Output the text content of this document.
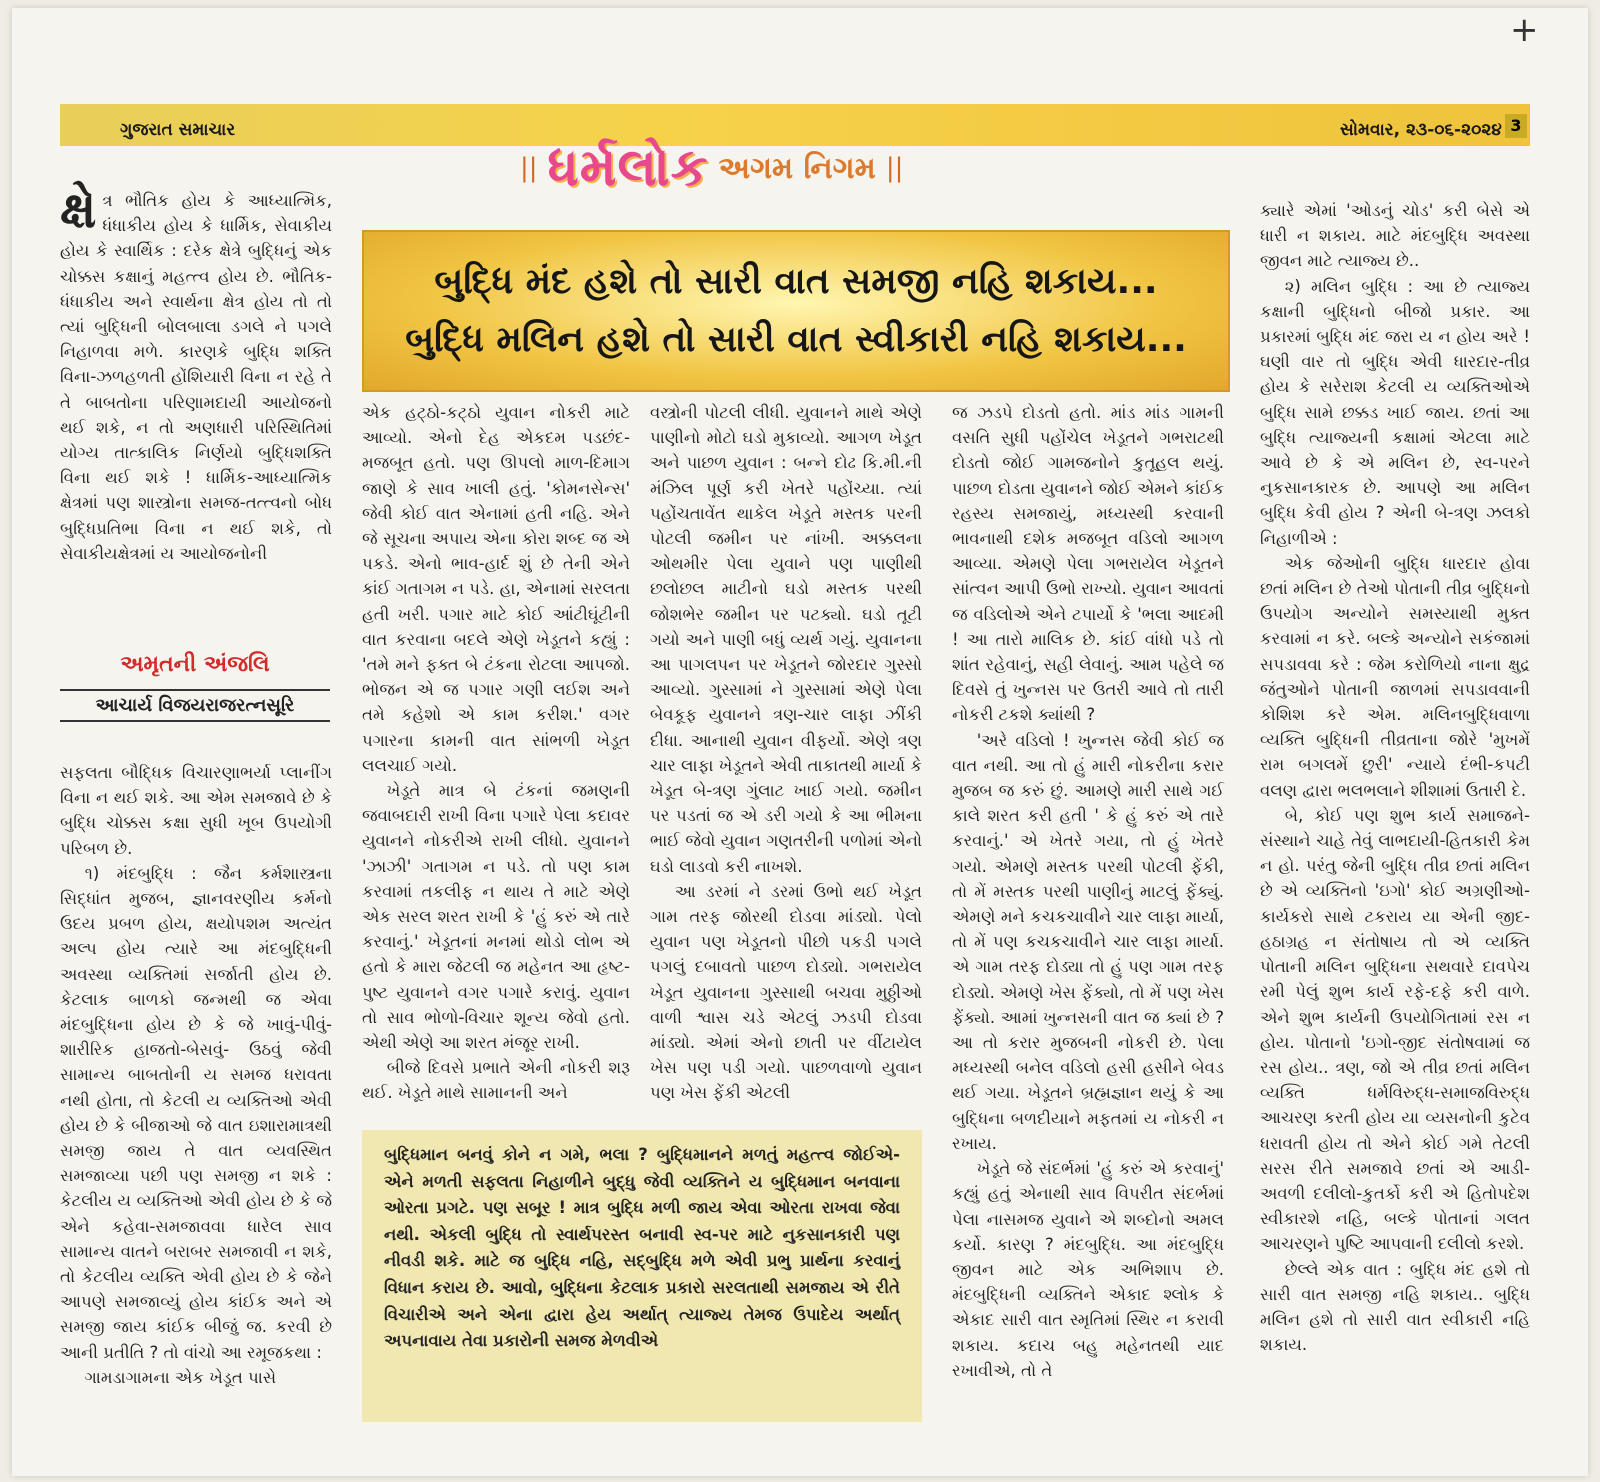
+
ગુજરાત સમાચાર	સોમવાર, ૨૩-૦૬-૨૦૨૪ 3
|| ધર્મલોક અગમ નિગમ ||
બુદ્ધિ મંદ હશે તો સારી વાત સમજી નહિ શકાય...
બુદ્ધિ મલિન હશે તો સારી વાત સ્વીકારી નહિ શકાય...

ક્ષે ત્ર ભૌતિક હોય કે આધ્યાત્મિક, ધંધાકીય હોય કે ધાર્મિક, સેવાકીય હોય કે સ્વાર્થિક : દરેક ક્ષેત્રે બુદ્ધિનું એક ચોક્કસ કક્ષાનું મહત્ત્વ હોય છે. ભૌતિક-ધંધાકીય અને સ્વાર્થના ક્ષેત્ર હોય તો તો ત્યાં બુદ્ધિની બોલબાલા ડગલે ને પગલે નિહાળવા મળે. કારણકે બુદ્ધિ શક્તિ વિના-ઝળહળતી હોંશિયારી વિના ન રહે તે તે બાબતોના પરિણામદાયી આયોજનો થઈ શકે, ન તો અણધારી પરિસ્થિતિમાં યોગ્ય તાત્કાલિક નિર્ણયો બુદ્ધિશક્તિ વિના થઈ શકે ! ધાર્મિક-આધ્યાત્મિક ક્ષેત્રમાં પણ શાસ્ત્રોના સમજ-તત્ત્વનો બોધ બુદ્ધિપ્રતિભા વિના ન થઈ શકે, તો સેવાકીયક્ષેત્રમાં ય આયોજનોની

અમૃતની અંજલિ
આચાર્ય વિજયરાજરત્નસૂરિ

સફલતા બૌદ્ધિક વિચારણાભર્યા પ્લાનીંગ વિના ન થઈ શકે. આ એમ સમજાવે છે કે બુદ્ધિ ચોક્કસ કક્ષા સુધી ખૂબ ઉપયોગી પરિબળ છે.

૧) મંદબુદ્ધિ : જૈન કર્મશાસ્ત્રના સિદ્ધાંત મુજબ, જ્ઞાનવરણીય કર્મનો ઉદય પ્રબળ હોય, ક્ષયોપશમ અત્યંત અલ્પ હોય ત્યારે આ મંદબુદ્ધિની અવસ્થા વ્યક્તિમાં સર્જાતી હોય છે. કેટલાક બાળકો જન્મથી જ એવા મંદબુદ્ધિના હોય છે કે જે ખાવું-પીવું-શારીરિક હાજતો-બેસવું- ઉઠવું જેવી સામાન્ય બાબતોની ય સમજ ધરાવતા નથી હોતા, તો કેટલી ય વ્યક્તિઓ એવી હોય છે કે બીજાઓ જે વાત ઇશારામાત્રથી સમજી જાય તે વાત વ્યવસ્થિત સમજાવ્યા પછી પણ સમજી ન શકે : કેટલીય ય વ્યક્તિઓ એવી હોય છે કે જે એને કહેવા-સમજાવવા ધારેલ સાવ સામાન્ય વાતને બરાબર સમજાવી ન શકે, તો કેટલીય વ્યક્તિ એવી હોય છે કે જેને આપણે સમજાવ્યું હોય કાંઈક અને એ સમજી જાય કાંઈક બીજું જ. કરવી છે આની પ્રતીતિ ? તો વાંચો આ રમૂજકથા :

ગામડાગામના એક ખેડૂત પાસે

એક હટ્ઠો-કટ્ઠો યુવાન નોકરી માટે આવ્યો. એનો દેહ એકદમ પડછંદ-મજબૂત હતો. પણ ઊપલો માળ-દિમાગ જાણે કે સાવ ખાલી હતું. 'કોમનસેન્સ' જેવી કોઈ વાત એનામાં હતી નહિ. એને જે સૂચના અપાય એના કોરા શબ્દ જ એ પકડે. એનો ભાવ-હાર્દ શું છે તેની એને કાંઈ ગતાગમ ન પડે. હા, એનામાં સરલતા હતી ખરી. પગાર માટે કોઈ આંટીઘૂંટીની વાત કરવાના બદલે એણે ખેડૂતને કહ્યું : 'તમે મને ફક્ત બે ટંકના રોટલા આપજો. ભોજન એ જ પગાર ગણી લઈશ અને તમે કહેશો એ કામ કરીશ.' વગર પગારના કામની વાત સાંભળી ખેડૂત લલચાઈ ગયો.

ખેડૂતે માત્ર બે ટંકનાં જમણની જવાબદારી રાખી વિના પગારે પેલા કદાવર યુવાનને નોકરીએ રાખી લીધો. યુવાનને 'ઝાઝી' ગતાગમ ન પડે. તો પણ કામ કરવામાં તકલીફ ન થાય તે માટે એણે એક સરલ શરત રાખી કે 'હું કરું એ તારે કરવાનું.' ખેડૂતનાં મનમાં થોડો લોભ એ હતો કે મારા જેટલી જ મહેનત આ હૃષ્ટ-પુષ્ટ યુવાનને વગર પગારે કરાવું. યુવાન તો સાવ ભોળો-વિચાર શૂન્ય જેવો હતો. એથી એણે આ શરત મંજૂર રાખી.

બીજે દિવસે પ્રભાતે એની નોકરી શરૂ થઈ. ખેડૂતે માથે સામાનની અને

વસ્ત્રોની પોટલી લીધી. યુવાનને માથે એણે પાણીનો મોટો ઘડો મુકાવ્યો. આગળ ખેડૂત અને પાછળ યુવાન : બન્ને દોઢ કિ.મી.ની મંઝિલ પૂર્ણ કરી ખેતરે પહોંચ્યા. ત્યાં પહોંચતાવેંત થાકેલ ખેડૂતે મસ્તક પરની પોટલી જમીન પર નાંખી. અક્કલના ઓથમીર પેલા યુવાને પણ પાણીથી છલોછલ માટીનો ઘડો મસ્તક પરથી જોશભેર જમીન પર પટક્યો. ઘડો તૂટી ગયો અને પાણી બધું વ્યર્થ ગયું. યુવાનના આ પાગલપન પર ખેડૂતને જોરદાર ગુસ્સો આવ્યો. ગુસ્સામાં ને ગુસ્સામાં એણે પેલા બેવકૂફ યુવાનને ત્રણ-ચાર લાફા ઝીંકી દીધા. આનાથી યુવાન વીફર્યો. એણે ત્રણ ચાર લાફા ખેડૂતને એવી તાકાતથી માર્યા કે ખેડૂત બે-ત્રણ ગુંલાટ ખાઈ ગયો. જમીન પર પડતાં જ એ ડરી ગયો કે આ ભીમના ભાઈ જેવો યુવાન ગણતરીની પળોમાં એનો ઘડો લાડવો કરી નાખશે.

આ ડરમાં ને ડરમાં ઉભો થઈ ખેડૂત ગામ તરફ જોરથી દોડવા માંડ્યો. પેલો યુવાન પણ ખેડૂતનો પીછો પકડી પગલે પગલું દબાવતો પાછળ દોડ્યો. ગભરાયેલ ખેડૂત યુવાનના ગુસ્સાથી બચવા મુઠ્ઠીઓ વાળી શ્વાસ ચડે એટલું ઝડપી દોડવા માંડ્યો. એમાં એનો છાતી પર વીંટાયેલ ખેસ પણ પડી ગયો. પાછળવાળો યુવાન પણ ખેસ ફેંકી એટલી

જ ઝડપે દોડતો હતો. માંડ માંડ ગામની વસતિ સુધી પહોંચેલ ખેડૂતને ગભરાટથી દોડતો જોઈ ગામજનોને કુતૂહલ થયું. પાછળ દોડતા યુવાનને જોઈ એમને કાંઈક રહસ્ય સમજાયું, મધ્યસ્થી કરવાની ભાવનાથી દશેક મજબૂત વડિલો આગળ આવ્યા. એમણે પેલા ગભરાયેલ ખેડૂતને સાંત્વન આપી ઉભો રાખ્યો. યુવાન આવતાં જ વડિલોએ એને ટપાર્યો કે 'ભલા આદમી ! આ તારો માલિક છે. કાંઈ વાંધો પડે તો શાંત રહેવાનું, સહી લેવાનું. આમ પહેલે જ દિવસે તું ખુન્નસ પર ઉતરી આવે તો તારી નોકરી ટકશે ક્યાંથી ?

'અરે વડિલો ! ખુન્નસ જેવી કોઈ જ વાત નથી. આ તો હું મારી નોકરીના કરાર મુજબ જ કરું છું. આમણે મારી સાથે ગઈ કાલે શરત કરી હતી ' કે હું કરું એ તારે કરવાનું.' એ ખેતરે ગયા, તો હું ખેતરે ગયો. એમણે મસ્તક પરથી પોટલી ફેંકી, તો મેં મસ્તક પરથી પાણીનું માટલું ફેંક્યું. એમણે મને કચકચાવીને ચાર લાફા માર્યા, તો મેં પણ કચકચાવીને ચાર લાફા માર્યા. એ ગામ તરફ દોડ્યા તો હું પણ ગામ તરફ દોડ્યો. એમણે ખેસ ફેંક્યો, તો મેં પણ ખેસ ફેંક્યો. આમાં ખુન્નસની વાત જ ક્યાં છે ? આ તો કરાર મુજબની નોકરી છે. પેલા મધ્યસ્થી બનેલ વડિલો હસી હસીને બેવડ થઈ ગયા. ખેડૂતને બ્રહ્મજ્ઞાન થયું કે આ બુદ્ધિના બળદીયાને મફતમાં ય નોકરી ન રખાય.

ખેડૂતે જે સંદર્ભમાં 'હું કરું એ કરવાનું' કહ્યું હતું એનાથી સાવ વિપરીત સંદર્ભમાં પેલા નાસમજ યુવાને એ શબ્દોનો અમલ કર્યો. કારણ ? મંદબુદ્ધિ. આ મંદબુદ્ધિ જીવન માટે એક અભિશાપ છે. મંદબુદ્ધિની વ્યક્તિને એકાદ શ્લોક કે એકાદ સારી વાત સ્મૃતિમાં સ્થિર ન કરાવી શકાય. કદાચ બહુ મહેનતથી યાદ રખાવીએ, તો તે

ક્યારે એમાં 'ઓડનું ચોડ' કરી બેસે એ ધારી ન શકાય. માટે મંદબુદ્ધિ અવસ્થા જીવન માટે ત્યાજ્ય છે..

૨) મલિન બુદ્ધિ : આ છે ત્યાજ્ય કક્ષાની બુદ્ધિનો બીજો પ્રકાર. આ પ્રકારમાં બુદ્ધિ મંદ જરા ય ન હોય અરે ! ઘણી વાર તો બુદ્ધિ એવી ધારદાર-તીવ્ર હોય કે સરેરાશ કેટલી ય વ્યક્તિઓએ બુદ્ધિ સામે છક્કડ ખાઈ જાય. છતાં આ બુદ્ધિ ત્યાજ્યની કક્ષામાં એટલા માટે આવે છે કે એ મલિન છે, સ્વ-પરને નુકસાનકારક છે. આપણે આ મલિન બુદ્ધિ કેવી હોય ? એની બે-ત્રણ ઝલકો નિહાળીએ :

એક જેઓની બુદ્ધિ ધારદાર હોવા છતાં મલિન છે તેઓ પોતાની તીવ્ર બુદ્ધિનો ઉપયોગ અન્યોને સમસ્યાથી મુક્ત કરવામાં ન કરે. બલ્કે અન્યોને સકંજામાં સપડાવવા કરે : જેમ કરોળિયો નાના ક્ષુદ્ર જંતુઓને પોતાની જાળમાં સપડાવવાની કોશિશ કરે એમ. મલિનબુદ્ધિવાળા વ્યક્તિ બુદ્ધિની તીવ્રતાના જોરે 'મુખમેં રામ બગલમેં છુરી' ન્યાયે દંભી-કપટી વલણ દ્વારા ભલભલાને શીશામાં ઉતારી દે.

બે, કોઈ પણ શુભ કાર્ય સમાજને-સંસ્થાને ચાહે તેવું લાભદાયી-હિતકારી કેમ ન હો. પરંતુ જેની બુદ્ધિ તીવ્ર છતાં મલિન છે એ વ્યક્તિનો 'ઇગો' કોઈ અગ્રણીઓ-કાર્યકરો સાથે ટકરાય યા એની જીદ-હઠાગ્રહ ન સંતોષાય તો એ વ્યક્તિ પોતાની મલિન બુદ્ધિના સથવારે દાવપેચ રમી પેલું શુભ કાર્ય રફે-દફે કરી વાળે. એને શુભ કાર્યની ઉપયોગિતામાં રસ ન હોય. પોતાનો 'ઇગો-જીદ સંતોષવામાં જ રસ હોય.. ત્રણ, જો એ તીવ્ર છતાં મલિન વ્યક્તિ ધર્મવિરુદ્ધ-સમાજવિરુદ્ધ આચરણ કરતી હોય યા વ્યસનોની કુટેવ ધરાવતી હોય તો એને કોઈ ગમે તેટલી સરસ રીતે સમજાવે છતાં એ આડી-અવળી દલીલો-કુતર્કો કરી એ હિતોપદેશ સ્વીકારશે નહિ, બલ્કે પોતાનાં ગલત આચરણને પુષ્ટિ આપવાની દલીલો કરશે.

છેલ્લે એક વાત : બુદ્ધિ મંદ હશે તો સારી વાત સમજી નહિ શકાય.. બુદ્ધિ મલિન હશે તો સારી વાત સ્વીકારી નહિ શકાય.

બુદ્ધિમાન બનવું કોને ન ગમે, ભલા ? બુદ્ધિમાનને મળતું મહત્ત્વ જોઈએ- એને મળતી સફલતા નિહાળીને બુદ્ધુ જેવી વ્યક્તિને ય બુદ્ધિમાન બનવાના ઓરતા પ્રગટે. પણ સબૂર ! માત્ર બુદ્ધિ મળી જાય એવા ઓરતા રાખવા જેવા નથી. એકલી બુદ્ધિ તો સ્વાર્થપરસ્ત બનાવી સ્વ-પર માટે નુકસાનકારી પણ નીવડી શકે. માટે જ બુદ્ધિ નહિ, સદ્બુદ્ધિ મળે એવી પ્રભુ પ્રાર્થના કરવાનું વિધાન કરાય છે. આવો, બુદ્ધિના કેટલાક પ્રકારો સરલતાથી સમજાય એ રીતે વિચારીએ અને એના દ્વારા હેય અર્થાત્ ત્યાજ્ય તેમજ ઉપાદેય અર્થાત્ અપનાવાય તેવા પ્રકારોની સમજ મેળવીએ
